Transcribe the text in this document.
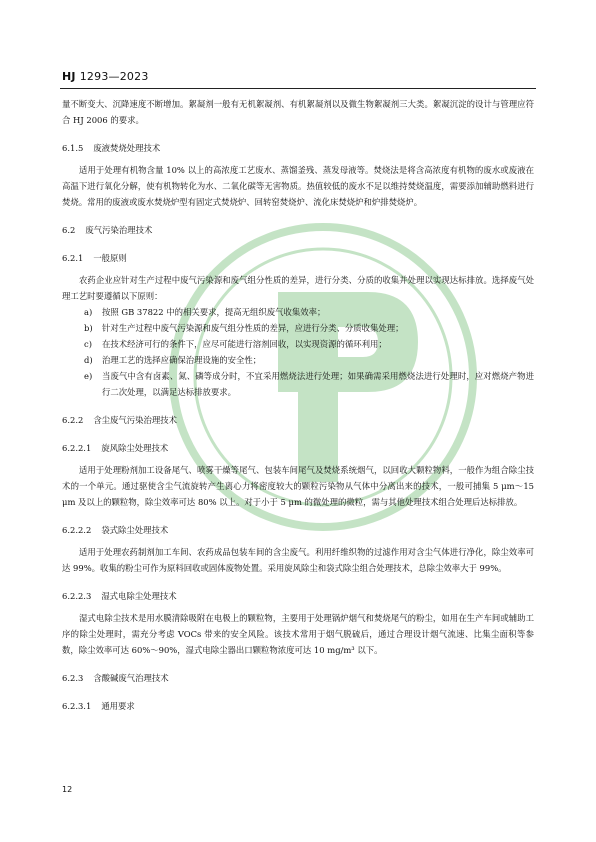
HJ 1293—2023

量不断变大、沉降速度不断增加。絮凝剂一般有无机絮凝剂、有机絮凝剂以及微生物絮凝剂三大类。絮凝沉淀的设计与管理应符合 HJ 2006 的要求。

6.1.5 废液焚烧处理技术

适用于处理有机物含量 10% 以上的高浓度工艺废水、蒸馏釜残、蒸发母液等。焚烧法是将含高浓度有机物的废水或废液在高温下进行氧化分解，使有机物转化为水、二氧化碳等无害物质。热值较低的废水不足以维持焚烧温度，需要添加辅助燃料进行焚烧。常用的废液或废水焚烧炉型有固定式焚烧炉、回转窑焚烧炉、流化床焚烧炉和炉排焚烧炉。

6.2 废气污染治理技术
6.2.1 一般原则

农药企业应针对生产过程中废气污染源和废气组分性质的差异，进行分类、分质的收集并处理以实现达标排放。选择废气处理工艺时要遵循以下原则：

a) 按照 GB 37822 中的相关要求，提高无组织废气收集效率；
b) 针对生产过程中废气污染源和废气组分性质的差异，应进行分类、分质收集处理；
c) 在技术经济可行的条件下，应尽可能进行溶剂回收，以实现资源的循环利用；
d) 治理工艺的选择应确保治理设施的安全性；
e) 当废气中含有卤素、氮、磷等成分时，不宜采用燃烧法进行处理；如果确需采用燃烧法进行处理时，应对燃烧产物进行二次处理，以满足达标排放要求。
6.2.2 含尘废气污染治理技术
6.2.2.1 旋风除尘处理技术

适用于处理粉剂加工设备尾气、喷雾干燥等尾气、包装车间尾气及焚烧系统烟气，以回收大颗粒物料，一般作为组合除尘技术的一个单元。通过驱使含尘气流旋转产生离心力将密度较大的颗粒污染物从气体中分离出来的技术，一般可捕集 5 μm～15 μm 及以上的颗粒物，除尘效率可达 80% 以上。对于小于 5 μm 的微处理的微粒，需与其他处理技术组合处理后达标排放。

6.2.2.2 袋式除尘处理技术

适用于处理农药制剂加工车间、农药成品包装车间的含尘废气。利用纤维织物的过滤作用对含尘气体进行净化，除尘效率可达 99%。收集的粉尘可作为原料回收或固体废物处置。采用旋风除尘和袋式除尘组合处理技术，总除尘效率大于 99%。

6.2.2.3 湿式电除尘处理技术

湿式电除尘技术是用水膜清除吸附在电极上的颗粒物，主要用于处理锅炉烟气和焚烧尾气的粉尘，如用在生产车间或辅助工序的除尘处理时，需充分考虑 VOCs 带来的安全风险。该技术常用于烟气脱硫后，通过合理设计烟气流速、比集尘面积等参数，除尘效率可达 60%～90%，湿式电除尘器出口颗粒物浓度可达 10 mg/m³ 以下。

6.2.3 含酸碱废气治理技术
6.2.3.1 通用要求
12
